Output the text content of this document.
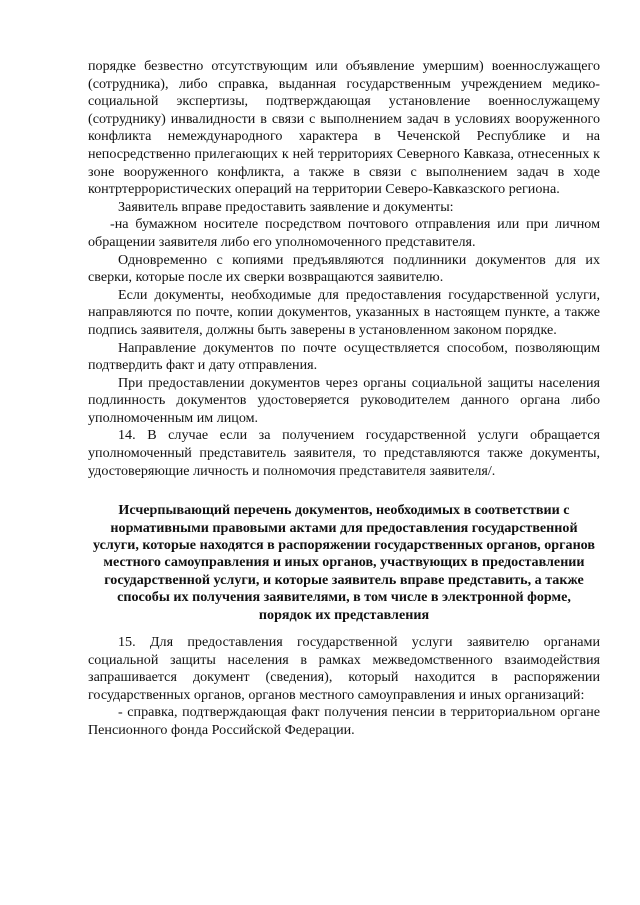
порядке безвестно отсутствующим или объявление умершим) военнослужащего (сотрудника), либо справка, выданная государственным учреждением медико-социальной экспертизы, подтверждающая установление военнослужащему (сотруднику) инвалидности в связи с выполнением задач в условиях вооруженного конфликта немеждународного характера в Чеченской Республике и на непосредственно прилегающих к ней территориях Северного Кавказа, отнесенных к зоне вооруженного конфликта, а также в связи с выполнением задач в ходе контртеррористических операций на территории Северо-Кавказского региона.

Заявитель вправе предоставить заявление и документы:

-на бумажном носителе посредством почтового отправления или при личном обращении заявителя либо его уполномоченного представителя.

Одновременно с копиями предъявляются подлинники документов для их сверки, которые после их сверки возвращаются заявителю.

Если документы, необходимые для предоставления государственной услуги, направляются по почте, копии документов, указанных в настоящем пункте, а также подпись заявителя, должны быть заверены в установленном законом порядке.

Направление документов по почте осуществляется способом, позволяющим подтвердить факт и дату отправления.

При предоставлении документов через органы социальной защиты населения подлинность документов удостоверяется руководителем данного органа либо уполномоченным им лицом.

14. В случае если за получением государственной услуги обращается уполномоченный представитель заявителя, то представляются также документы, удостоверяющие личность и полномочия представителя заявителя/.

Исчерпывающий перечень документов, необходимых в соответствии с нормативными правовыми актами для предоставления государственной услуги, которые находятся в распоряжении государственных органов, органов местного самоуправления и иных органов, участвующих в предоставлении государственной услуги, и которые заявитель вправе представить, а также способы их получения заявителями, в том числе в электронной форме, порядок их представления

15. Для предоставления государственной услуги заявителю органами социальной защиты населения в рамках межведомственного взаимодействия запрашивается документ (сведения), который находится в распоряжении государственных органов, органов местного самоуправления и иных организаций:

- справка, подтверждающая факт получения пенсии в территориальном органе Пенсионного фонда Российской Федерации.
